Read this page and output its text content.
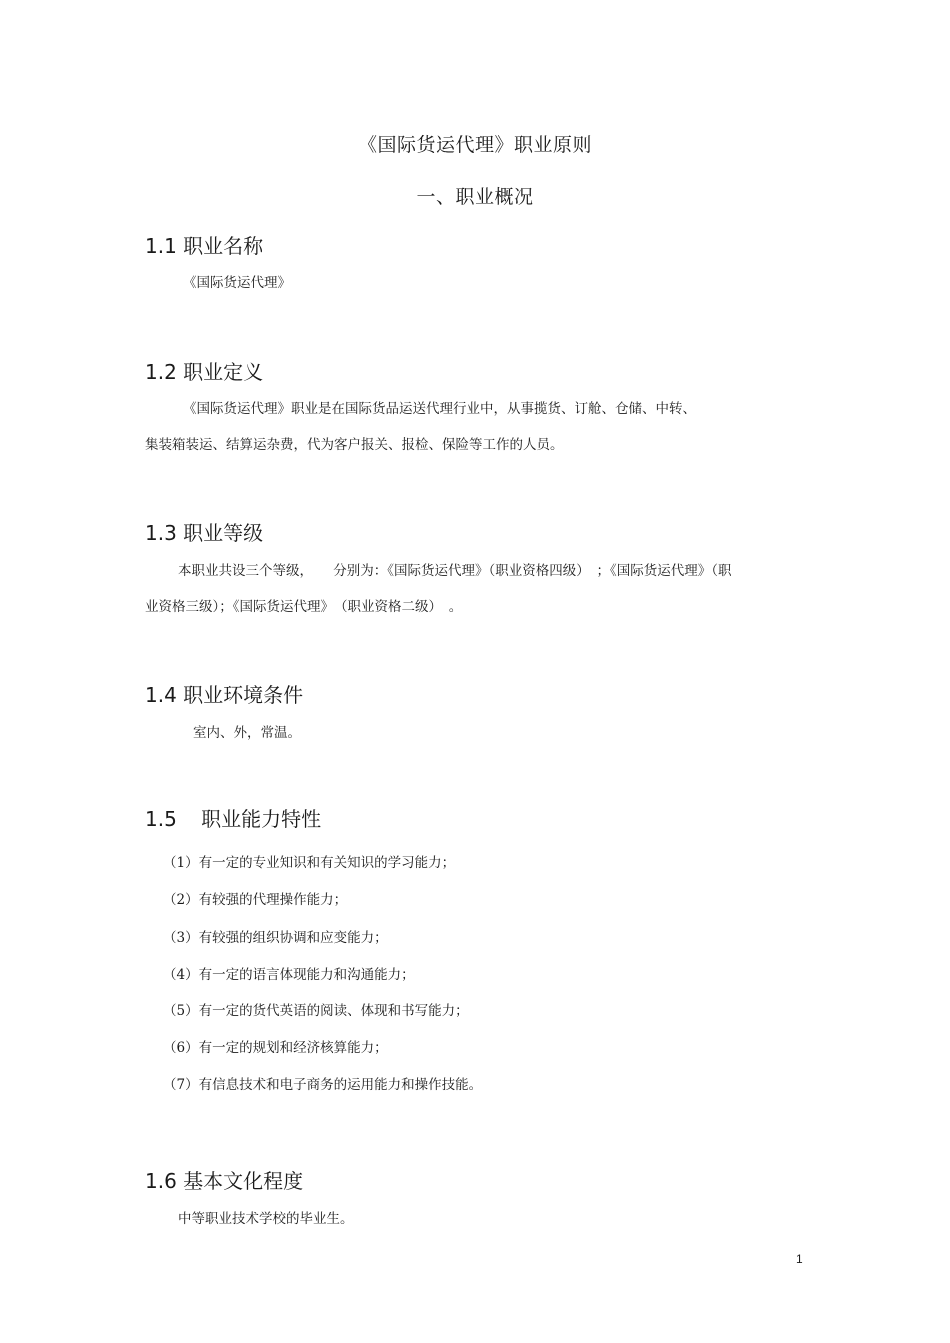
《国际货运代理》职业原则
一、职业概况
1.1 职业名称
《国际货运代理》
1.2 职业定义
《国际货运代理》职业是在国际货品运送代理行业中，从事揽货、订舱、仓储、中转、
集装箱装运、结算运杂费，代为客户报关、报检、保险等工作的人员。
1.3 职业等级
本职业共设三个等级，　　分别为：《国际货运代理》（职业资格四级）　；《国际货运代理》（职
业资格三级）；《国际货运代理》　（职业资格二级）　。
1.4 职业环境条件
室内、外，常温。
1.5 职业能力特性
（1）有一定的专业知识和有关知识的学习能力；
（2）有较强的代理操作能力；
（3）有较强的组织协调和应变能力；
（4）有一定的语言体现能力和沟通能力；
（5）有一定的货代英语的阅读、体现和书写能力；
（6）有一定的规划和经济核算能力；
（7）有信息技术和电子商务的运用能力和操作技能。
1.6 基本文化程度
中等职业技术学校的毕业生。
1
